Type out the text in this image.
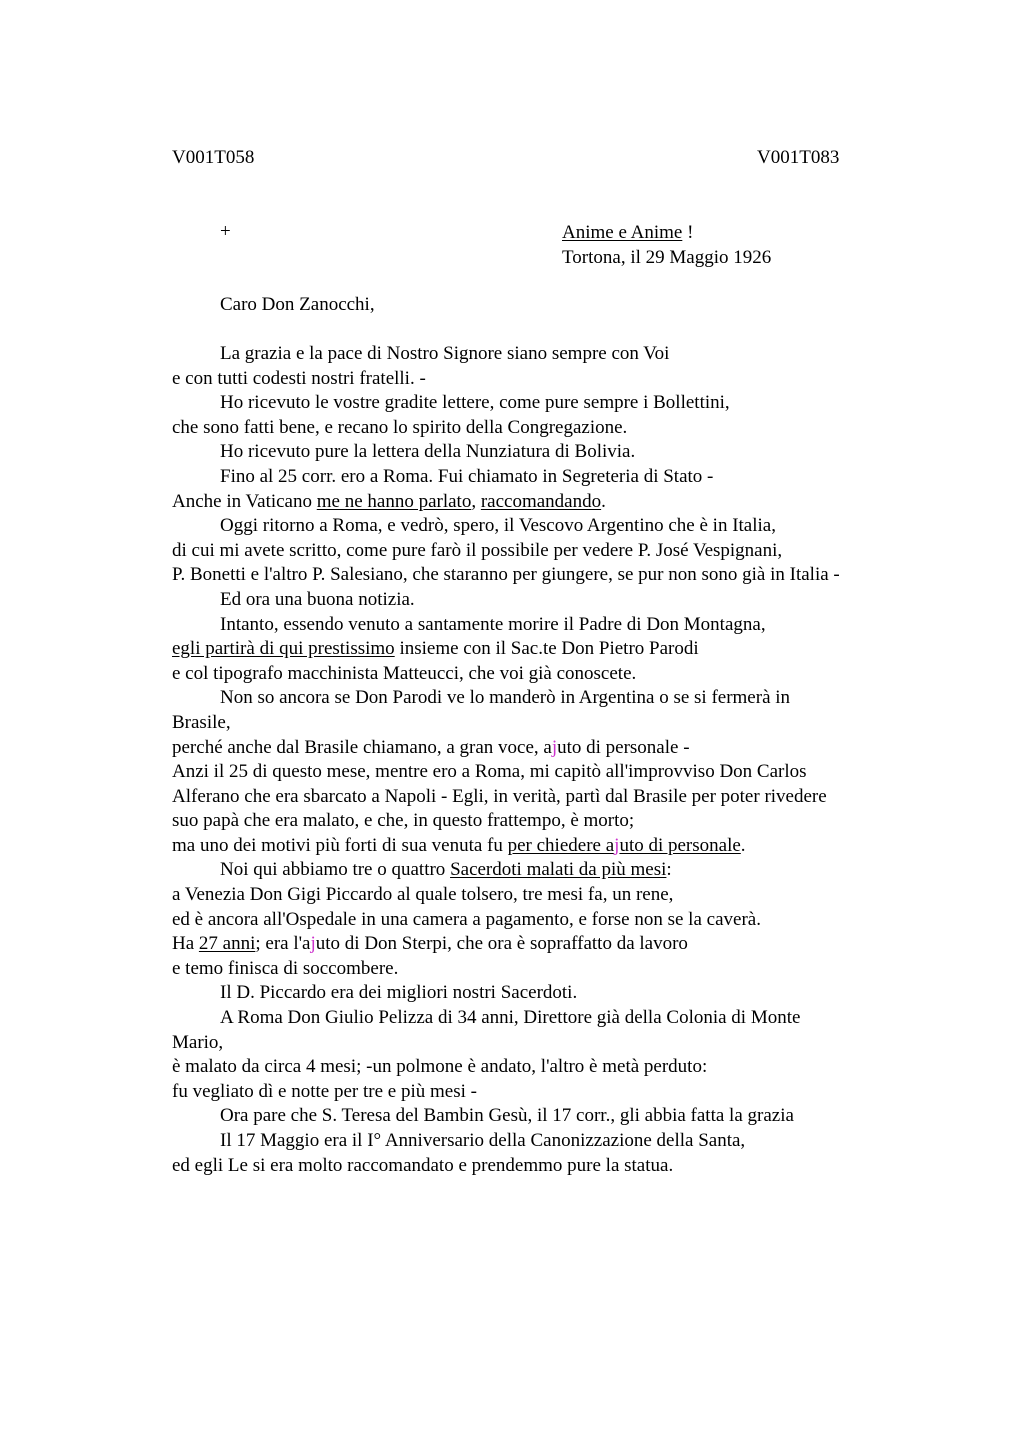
V001T058	V001T083
+	Anime e Anime !
Tortona, il 29 Maggio 1926
Caro Don Zanocchi,
La grazia e la pace di Nostro Signore siano sempre con Voi
e con tutti codesti nostri fratelli. -
Ho ricevuto le vostre gradite lettere, come pure sempre i Bollettini,
che sono fatti bene, e recano lo spirito della Congregazione.
Ho ricevuto pure la lettera della Nunziatura di Bolivia.
Fino al 25 corr. ero a Roma. Fui chiamato in Segreteria di Stato -
Anche in Vaticano me ne hanno parlato, raccomandando.
Oggi ritorno a Roma, e vedrò, spero, il Vescovo Argentino che è in Italia,
di cui mi avete scritto, come pure farò il possibile per vedere P. José Vespignani,
P. Bonetti e l'altro P. Salesiano, che staranno per giungere, se pur non sono già in Italia -
Ed ora una buona notizia.
Intanto, essendo venuto a santamente morire il Padre di Don Montagna,
egli partirà di qui prestissimo insieme con il Sac.te Don Pietro Parodi
e col tipografo macchinista Matteucci, che voi già conoscete.
Non so ancora se Don Parodi ve lo manderò in Argentina o se si fermerà in
Brasile,
perché anche dal Brasile chiamano, a gran voce, ajuto di personale -
Anzi il 25 di questo mese, mentre ero a Roma, mi capitò all'improvviso Don Carlos
Alferano che era sbarcato a Napoli - Egli, in verità, partì dal Brasile per poter rivedere
suo papà che era malato, e che, in questo frattempo, è morto;
ma uno dei motivi più forti di sua venuta fu per chiedere ajuto di personale.
Noi qui abbiamo tre o quattro Sacerdoti malati da più mesi:
a Venezia Don Gigi Piccardo al quale tolsero, tre mesi fa, un rene,
ed è ancora all'Ospedale in una camera a pagamento, e forse non se la caverà.
Ha 27 anni; era l'ajuto di Don Sterpi, che ora è sopraffatto da lavoro
e temo finisca di soccombere.
Il D. Piccardo era dei migliori nostri Sacerdoti.
A Roma Don Giulio Pelizza di 34 anni, Direttore già della Colonia di Monte
Mario,
è malato da circa 4 mesi; -un polmone è andato, l'altro è metà perduto:
fu vegliato dì e notte per tre e più mesi -
Ora pare che S. Teresa del Bambin Gesù, il 17 corr., gli abbia fatta la grazia
Il 17 Maggio era il I° Anniversario della Canonizzazione della Santa,
ed egli Le si era molto raccomandato e prendemmo pure la statua.
